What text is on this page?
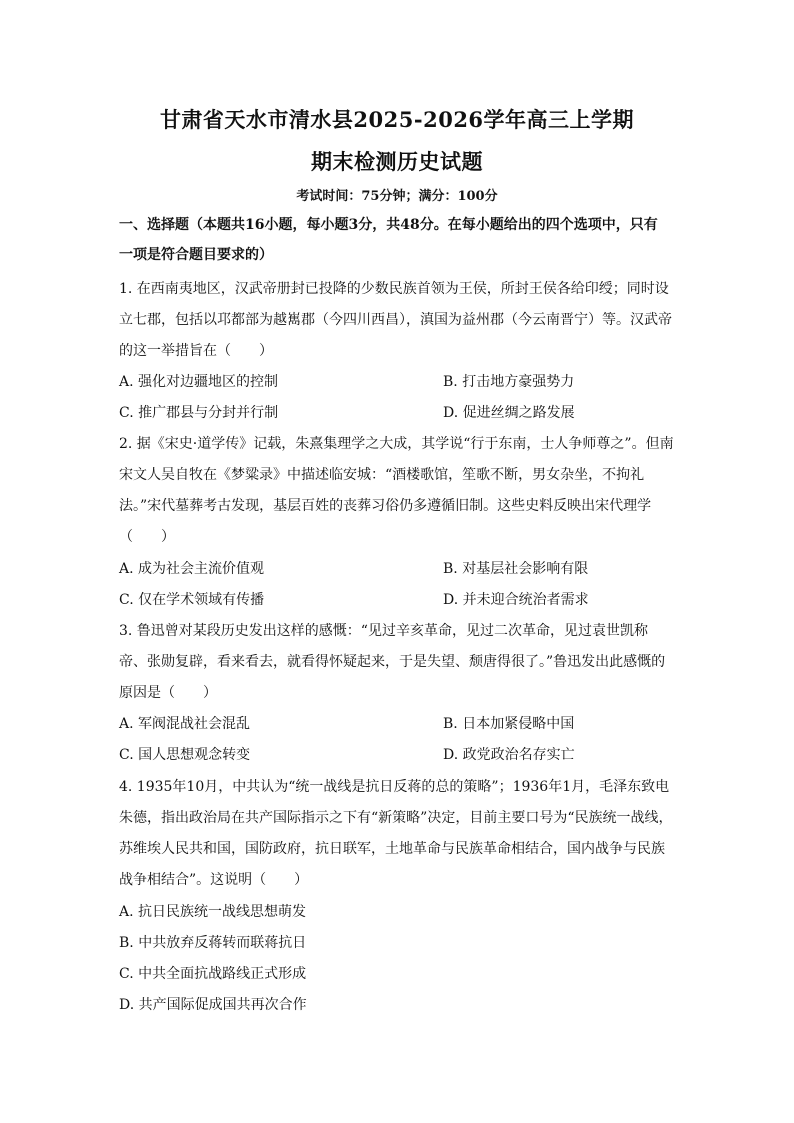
甘肃省天水市清水县2025-2026学年高三上学期
期末检测历史试题
考试时间：75分钟；满分：100分
一、选择题（本题共16小题，每小题3分，共48分。在每小题给出的四个选项中，只有
一项是符合题目要求的）
1. 在西南夷地区，汉武帝册封已投降的少数民族首领为王侯，所封王侯各给印绶；同时设
立七郡，包括以邛都部为越嶲郡（今四川西昌），滇国为益州郡（今云南晋宁）等。汉武帝
的这一举措旨在（　　）
A. 强化对边疆地区的控制	B. 打击地方豪强势力
C. 推广郡县与分封并行制	D. 促进丝绸之路发展
2. 据《宋史·道学传》记载，朱熹集理学之大成，其学说“行于东南，士人争师尊之”。但南
宋文人吴自牧在《梦粱录》中描述临安城：“酒楼歌馆，笙歌不断，男女杂坐，不拘礼
法。”宋代墓葬考古发现，基层百姓的丧葬习俗仍多遵循旧制。这些史料反映出宋代理学
（　　）
A. 成为社会主流价值观	B. 对基层社会影响有限
C. 仅在学术领域有传播	D. 并未迎合统治者需求
3. 鲁迅曾对某段历史发出这样的感慨：“见过辛亥革命，见过二次革命，见过袁世凯称
帝、张勋复辟，看来看去，就看得怀疑起来，于是失望、颓唐得很了。”鲁迅发出此感慨的
原因是（　　）
A. 军阀混战社会混乱	B. 日本加紧侵略中国
C. 国人思想观念转变	D. 政党政治名存实亡
4. 1935年10月，中共认为“统一战线是抗日反蒋的总的策略”；1936年1月，毛泽东致电
朱德，指出政治局在共产国际指示之下有“新策略”决定，目前主要口号为“民族统一战线，
苏维埃人民共和国，国防政府，抗日联军，土地革命与民族革命相结合，国内战争与民族
战争相结合”。这说明（　　）
A. 抗日民族统一战线思想萌发
B. 中共放弃反蒋转而联蒋抗日
C. 中共全面抗战路线正式形成
D. 共产国际促成国共再次合作
